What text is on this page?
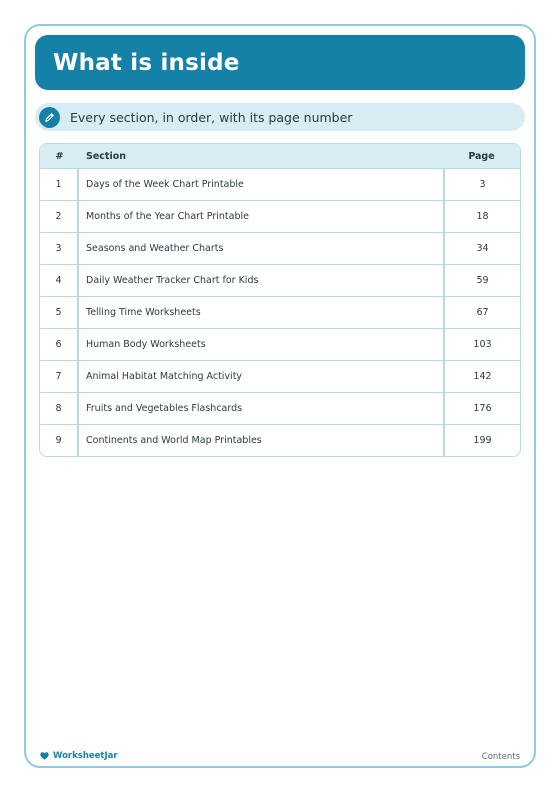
What is inside
Every section, in order, with its page number
#	Section	Page
1	Days of the Week Chart Printable	3
2	Months of the Year Chart Printable	18
3	Seasons and Weather Charts	34
4	Daily Weather Tracker Chart for Kids	59
5	Telling Time Worksheets	67
6	Human Body Worksheets	103
7	Animal Habitat Matching Activity	142
8	Fruits and Vegetables Flashcards	176
9	Continents and World Map Printables	199
WorksheetJar	Contents
